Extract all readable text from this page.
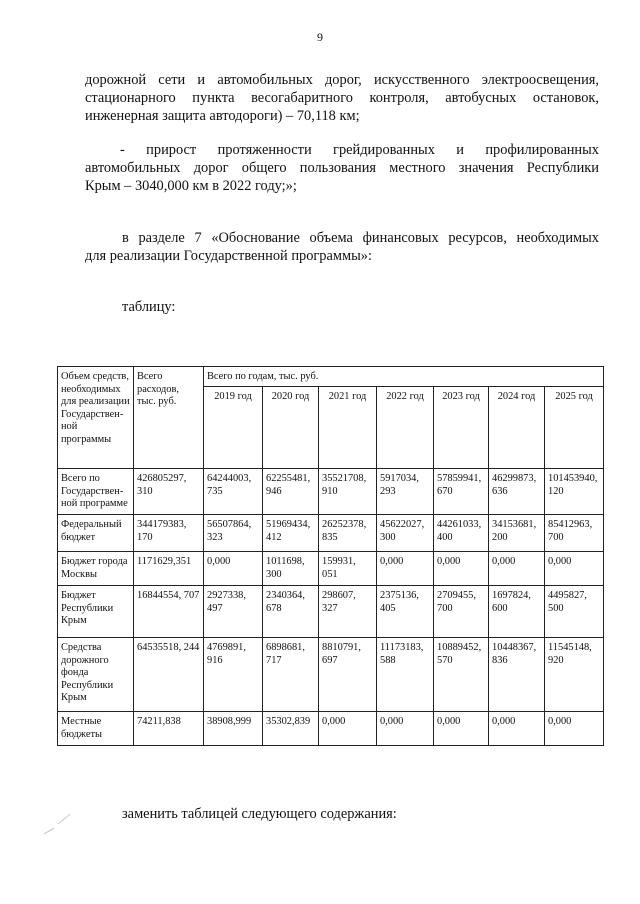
9
дорожной сети и автомобильных дорог, искусственного электроосвещения,
стационарного пункта весогабаритного контроля, автобусных остановок,
инженерная защита автодороги) – 70,118 км;
- прирост протяженности грейдированных и профилированных
автомобильных дорог общего пользования местного значения Республики
Крым – 3040,000 км в 2022 году;»;
в разделе 7 «Обоснование объема финансовых ресурсов, необходимых
для реализации Государственной программы»:
таблицу:
Объем средств, необходимых для реализации Государствен-ной программы	Всего расходов, тыс. руб.	Всего по годам, тыс. руб.						
		2019 год	2020 год	2021 год	2022 год	2023 год	2024 год	2025 год
Всего по Государствен-ной программе	426805297, 310	64244003, 735	62255481, 946	35521708, 910	5917034, 293	57859941, 670	46299873, 636	101453940, 120
Федеральный бюджет	344179383, 170	56507864, 323	51969434, 412	26252378, 835	45622027, 300	44261033, 400	34153681, 200	85412963, 700
Бюджет города Москвы	1171629,351	0,000	1011698, 300	159931, 051	0,000	0,000	0,000	0,000
Бюджет Республики Крым	16844554, 707	2927338, 497	2340364, 678	298607, 327	2375136, 405	2709455, 700	1697824, 600	4495827, 500
Средства дорожного фонда Республики Крым	64535518, 244	4769891, 916	6898681, 717	8810791, 697	11173183, 588	10889452, 570	10448367, 836	11545148, 920
Местные бюджеты	74211,838	38908,999	35302,839	0,000	0,000	0,000	0,000	0,000
заменить таблицей следующего содержания:
